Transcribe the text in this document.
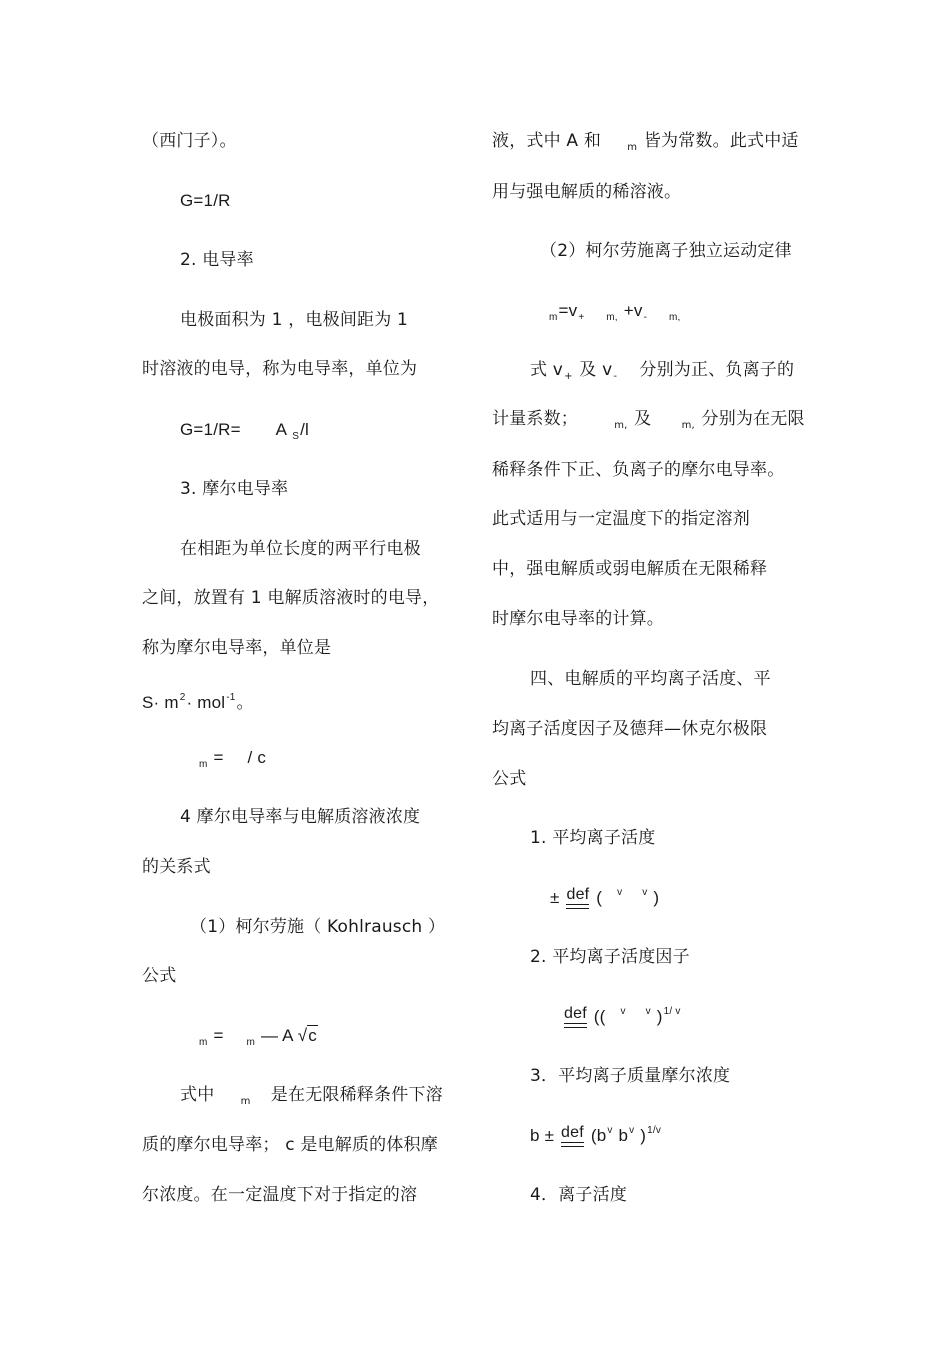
（西门子）。
G=1/R
2. 电导率
电极面积为 1 ，电极间距为 1
时溶液的电导，称为电导率，单位为
G=1/R= A $_S$/l
3. 摩尔电导率
在相距为单位长度的两平行电极
之间，放置有 1 电解质溶液时的电导，
称为摩尔电导率，单位是
$S\cdot m^2\cdot mol^{-1}$。
$_m$ = / c
4 摩尔电导率与电解质溶液浓度
的关系式
（1）柯尔劳施（ Kohlrausch ）
公式
$_m$ = $_m$ — A √c
式中	$_m$ 是在无限稀释条件下溶
质的摩尔电导率； c 是电解质的体积摩
尔浓度。在一定温度下对于指定的溶
液，式中 A 和	$_m$ 皆为常数。此式中适
用与强电解质的稀溶液。
（2）柯尔劳施离子独立运动定律
$_m=v_+$ $_{m,} +v_-$ $_{m,}$
式 $v_+$ 及 $v_-$ 分别为正、负离子的
计量系数；	$_{m,}$ 及	$_{m,}$ 分别为在无限
稀释条件下正、负离子的摩尔电导率。
此式适用与一定温度下的指定溶剂
中，强电解质或弱电解质在无限稀释
时摩尔电导率的计算。
四、电解质的平均离子活度、平
均离子活度因子及德拜—休克尔极限
公式
1. 平均离子活度
± def ( $^v$ $^v$ )
2. 平均离子活度因子
def (( $^v$ $^v$ )$^{1/ v}$
3．平均离子质量摩尔浓度
b ± def ($b^v$ $b^v$ )$^{1/v}$
4．离子活度
